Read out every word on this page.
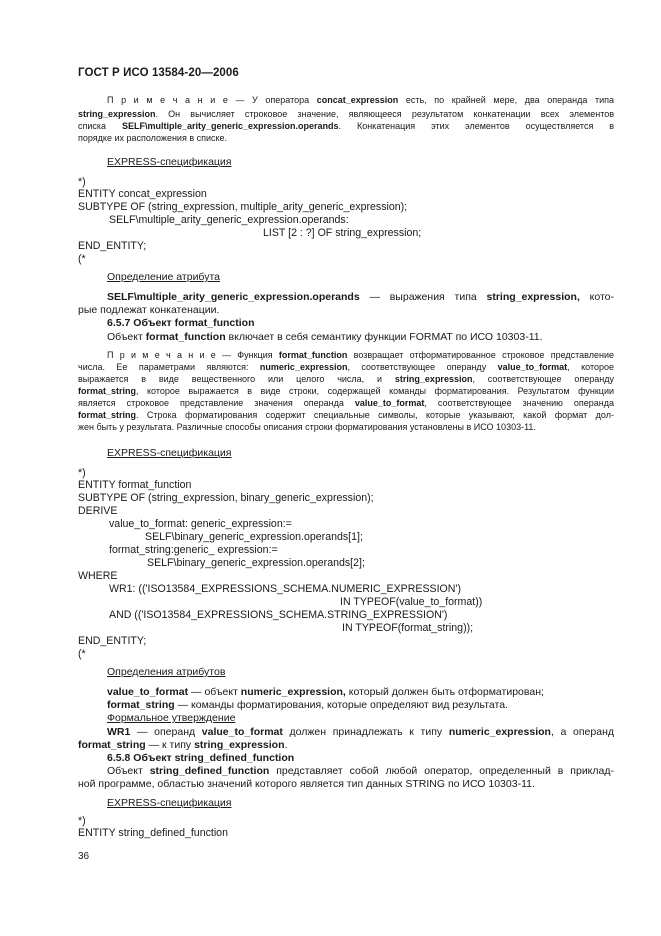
ГОСТ Р ИСО 13584-20—2006
П р и м е ч а н и е — У оператора concat_expression есть, по крайней мере, два операнда типа
string_expression. Он вычисляет строковое значение, являющееся результатом конкатенации всех элементов
списка SELF\multiple_arity_generic_expression.operands. Конкатенация этих элементов осуществляется в
порядке их расположения в списке.
EXPRESS-спецификация
*)
ENTITY concat_expression
SUBTYPE OF (string_expression, multiple_arity_generic_expression);
SELF\multiple_arity_generic_expression.operands:
LIST [2 : ?] OF string_expression;
END_ENTITY;
(*
Определение атрибута
SELF\multiple_arity_generic_expression.operands — выражения типа string_expression, кото-
рые подлежат конкатенации.
6.5.7 Объект format_function
Объект format_function включает в себя семантику функции FORMAT по ИСО 10303-11.
П р и м е ч а н и е — Функция format_function возвращает отформатированное строковое представление
числа. Ее параметрами являются: numeric_expression, соответствующее операнду value_to_format, которое
выражается в виде вещественного или целого числа, и string_expression, соответствующее операнду
format_string, которое выражается в виде строки, содержащей команды форматирования. Результатом функции
является строковое представление значения операнда value_to_format, соответствующее значению операнда
format_string. Строка форматирования содержит специальные символы, которые указывают, какой формат дол-
жен быть у результата. Различные способы описания строки форматирования установлены в ИСО 10303-11.
EXPRESS-спецификация
*)
ENTITY format_function
SUBTYPE OF (string_expression, binary_generic_expression);
DERIVE
value_to_format: generic_expression:=
SELF\binary_generic_expression.operands[1];
format_string:generic_ expression:=
SELF\binary_generic_expression.operands[2];
WHERE
WR1: (('ISO13584_EXPRESSIONS_SCHEMA.NUMERIC_EXPRESSION')
IN TYPEOF(value_to_format))
AND (('ISO13584_EXPRESSIONS_SCHEMA.STRING_EXPRESSION')
IN TYPEOF(format_string));
END_ENTITY;
(*
Определения атрибутов
value_to_format — объект numeric_expression, который должен быть отформатирован;
format_string — команды форматирования, которые определяют вид результата.
Формальное утверждение
WR1 — операнд value_to_format должен принадлежать к типу numeric_expression, а операнд
format_string — к типу string_expression.
6.5.8 Объект string_defined_function
Объект string_defined_function представляет собой любой оператор, определенный в приклад-
ной программе, областью значений которого является тип данных STRING по ИСО 10303-11.
EXPRESS-спецификация
*)
ENTITY string_defined_function
36
